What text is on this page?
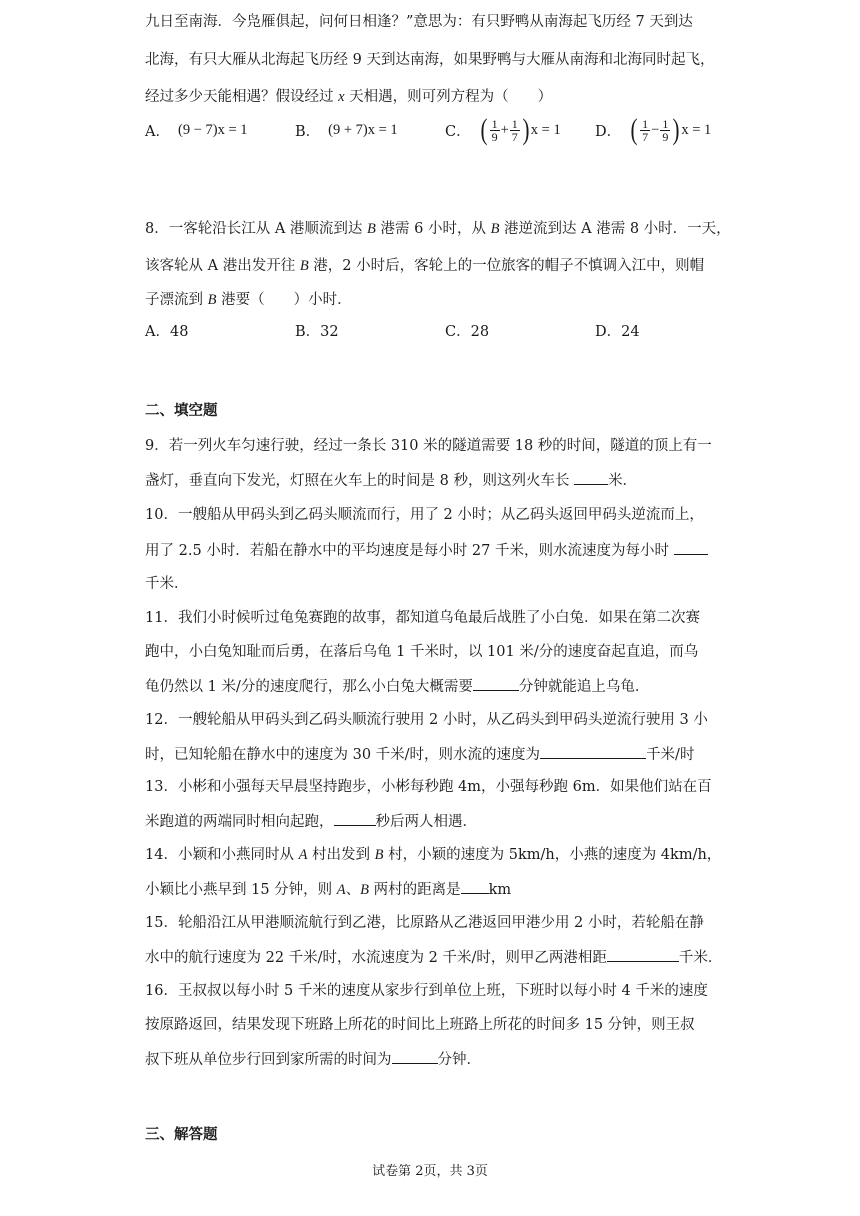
九日至南海．今凫雁俱起，问何日相逢？”意思为：有只野鸭从南海起飞历经 7 天到达
北海，有只大雁从北海起飞历经 9 天到达南海，如果野鸭与大雁从南海和北海同时起飞，
经过多少天能相遇？假设经过 x 天相遇，则可列方程为（　　）
A． (9 − 7)x = 1	B． (9 + 7)x = 1	C． ( $\frac{1}{9} + \frac{1}{7}$ ) x = 1 D． ( $\frac{1}{7} - \frac{1}{9}$ ) x = 1
8．一客轮沿长江从 A 港顺流到达 B 港需 6 小时，从 B 港逆流到达 A 港需 8 小时．一天，
该客轮从 A 港出发开往 B 港，2 小时后，客轮上的一位旅客的帽子不慎调入江中，则帽
子漂流到 B 港要（　　）小时．
A．48	B．32	C．28	D．24
二、填空题
9．若一列火车匀速行驶，经过一条长 310 米的隧道需要 18 秒的时间，隧道的顶上有一
盏灯，垂直向下发光，灯照在火车上的时间是 8 秒，则这列火车长 米．
10．一艘船从甲码头到乙码头顺流而行，用了 2 小时；从乙码头返回甲码头逆流而上，
用了 2.5 小时．若船在静水中的平均速度是每小时 27 千米，则水流速度为每小时
千米．
11．我们小时候听过龟兔赛跑的故事，都知道乌龟最后战胜了小白兔．如果在第二次赛
跑中，小白兔知耻而后勇，在落后乌龟 1 千米时，以 101 米/分的速度奋起直追，而乌
龟仍然以 1 米/分的速度爬行，那么小白兔大概需要	分钟就能追上乌龟．
12．一艘轮船从甲码头到乙码头顺流行驶用 2 小时，从乙码头到甲码头逆流行驶用 3 小
时，已知轮船在静水中的速度为 30 千米/时，则水流的速度为	千米/时
13．小彬和小强每天早晨坚持跑步，小彬每秒跑 4m，小强每秒跑 6m．如果他们站在百
米跑道的两端同时相向起跑，	秒后两人相遇．
14．小颖和小燕同时从 A 村出发到 B 村，小颖的速度为 5km/h，小燕的速度为 4km/h，
小颖比小燕早到 15 分钟，则 A、B 两村的距离是 km
15．轮船沿江从甲港顺流航行到乙港，比原路从乙港返回甲港少用 2 小时，若轮船在静
水中的航行速度为 22 千米/时，水流速度为 2 千米/时，则甲乙两港相距	千米．
16．王叔叔以每小时 5 千米的速度从家步行到单位上班，下班时以每小时 4 千米的速度
按原路返回，结果发现下班路上所花的时间比上班路上所花的时间多 15 分钟，则王叔
叔下班从单位步行回到家所需的时间为	分钟．
三、解答题
试卷第 2页，共 3页
